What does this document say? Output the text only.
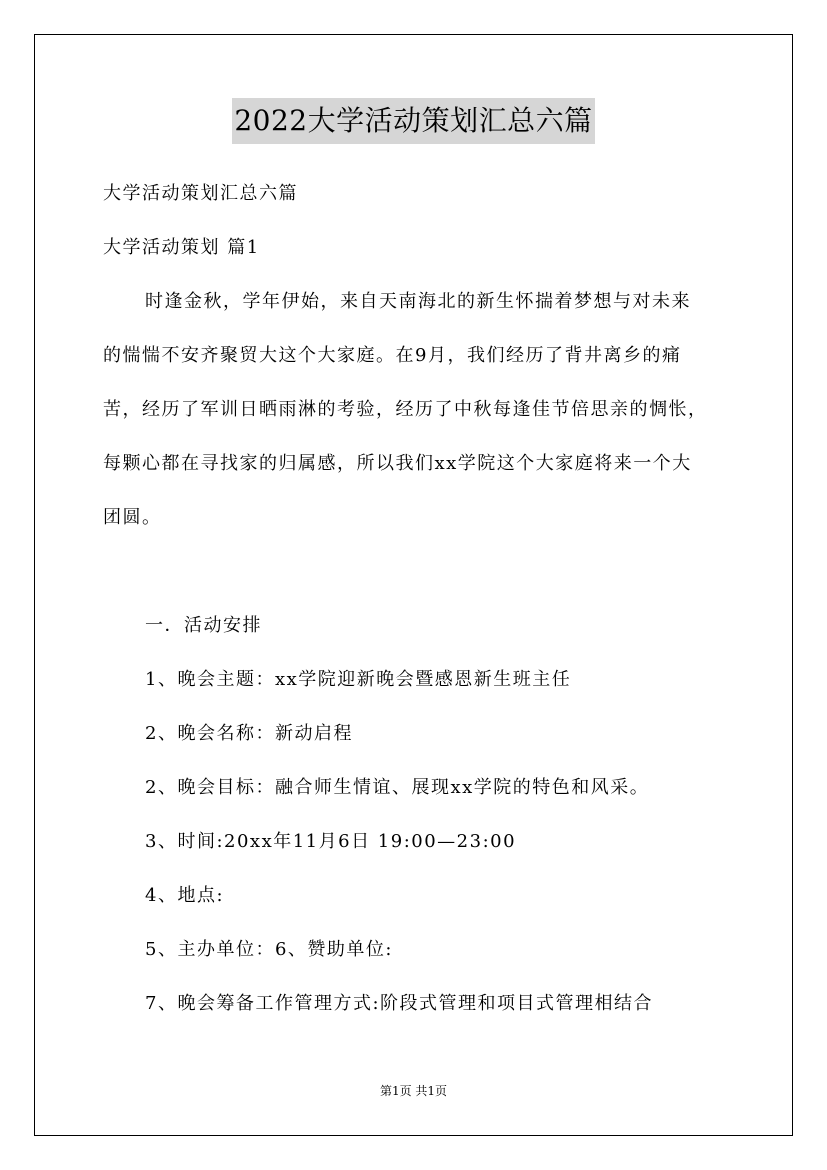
2022大学活动策划汇总六篇
大学活动策划汇总六篇
大学活动策划 篇1
时逢金秋，学年伊始，来自天南海北的新生怀揣着梦想与对未来
的惴惴不安齐聚贸大这个大家庭。在9月，我们经历了背井离乡的痛
苦，经历了军训日晒雨淋的考验，经历了中秋每逢佳节倍思亲的惆怅，
每颗心都在寻找家的归属感，所以我们xx学院这个大家庭将来一个大
团圆。
一．活动安排
1、晚会主题：xx学院迎新晚会暨感恩新生班主任
2、晚会名称：新动启程
2、晚会目标：融合师生情谊、展现xx学院的特色和风采。
3、时间:20xx年11月6日 19:00—23:00
4、地点:
5、主办单位：6、赞助单位:
7、晚会筹备工作管理方式:阶段式管理和项目式管理相结合
第1页 共1页
